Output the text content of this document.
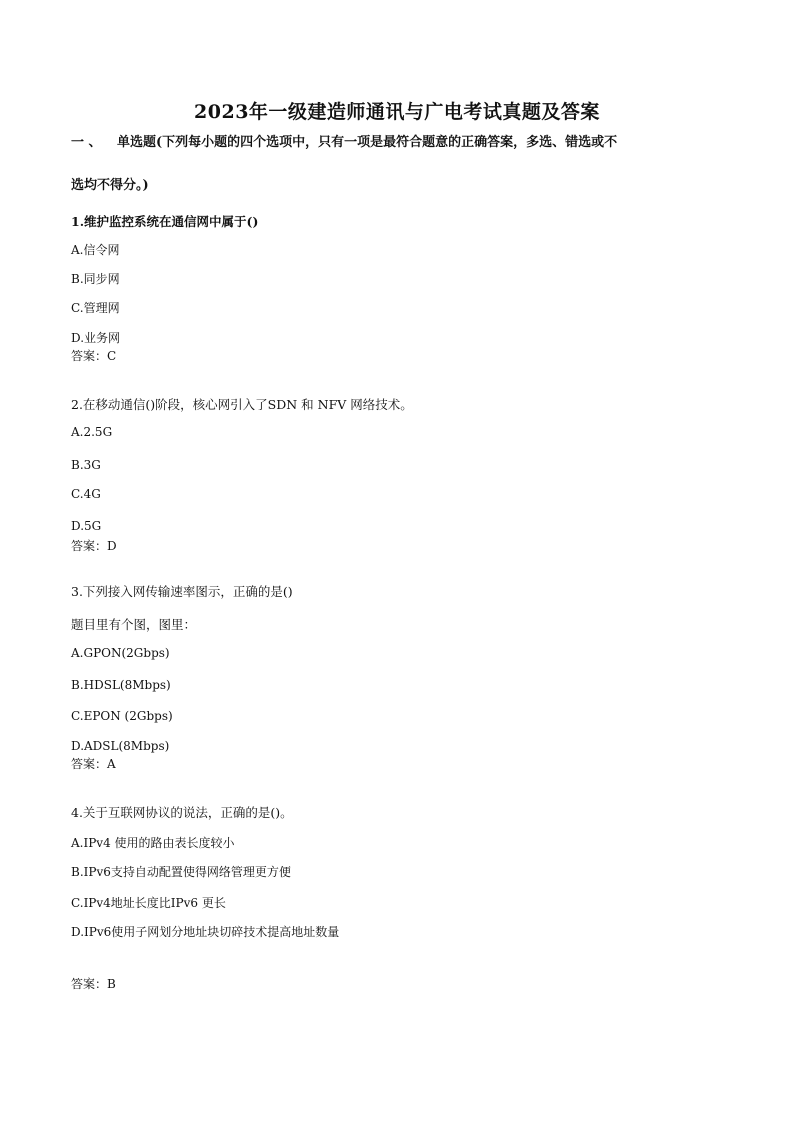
2023年一级建造师通讯与广电考试真题及答案
一 、 单选题(下列每小题的四个选项中，只有一项是最符合题意的正确答案，多选、错选或不
选均不得分。)
1.维护监控系统在通信网中属于()
A.信令网
B.同步网
C.管理网
D.业务网
答案：C
2.在移动通信()阶段，核心网引入了SDN 和 NFV 网络技术。
A.2.5G
B.3G
C.4G
D.5G
答案：D
3.下列接入网传输速率图示，正确的是()
题目里有个图，图里：
A.GPON(2Gbps)
B.HDSL(8Mbps)
C.EPON (2Gbps)
D.ADSL(8Mbps)
答案：A
4.关于互联网协议的说法，正确的是()。
A.IPv4 使用的路由表长度较小
B.IPv6支持自动配置使得网络管理更方便
C.IPv4地址长度比IPv6 更长
D.IPv6使用子网划分地址块切碎技术提高地址数量
答案：B
